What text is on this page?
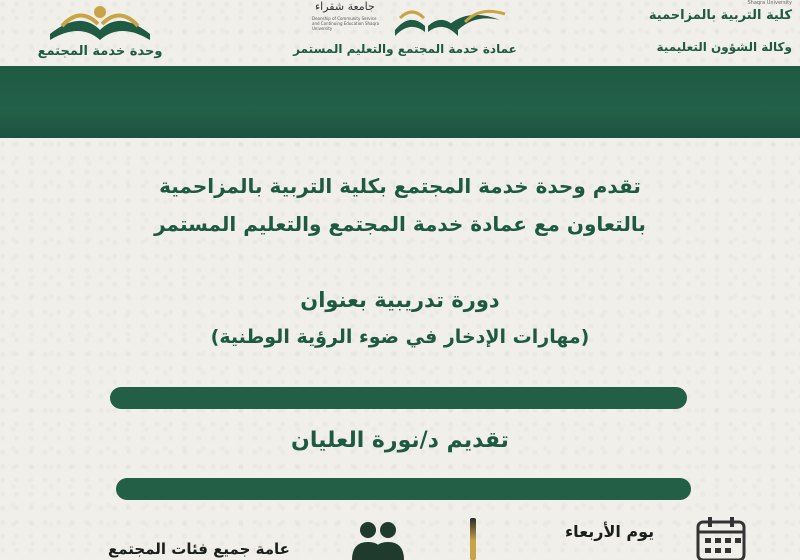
وحدة خدمة المجتمع
جامعة شقراء
Deanship of Community Service and Continuing Education Shaqra University
عمادة خدمة المجتمع والتعليم المستمر
Shaqra University
كلية التربية بالمزاحمية
وكالة الشؤون التعليمية
تقدم وحدة خدمة المجتمع بكلية التربية بالمزاحمية
بالتعاون مع عمادة خدمة المجتمع والتعليم المستمر
دورة تدريبية بعنوان
(مهارات الإدخار في ضوء الرؤية الوطنية)
تقديم د/نورة العليان
عامة جميع فئات المجتمع
يوم الأربعاء
